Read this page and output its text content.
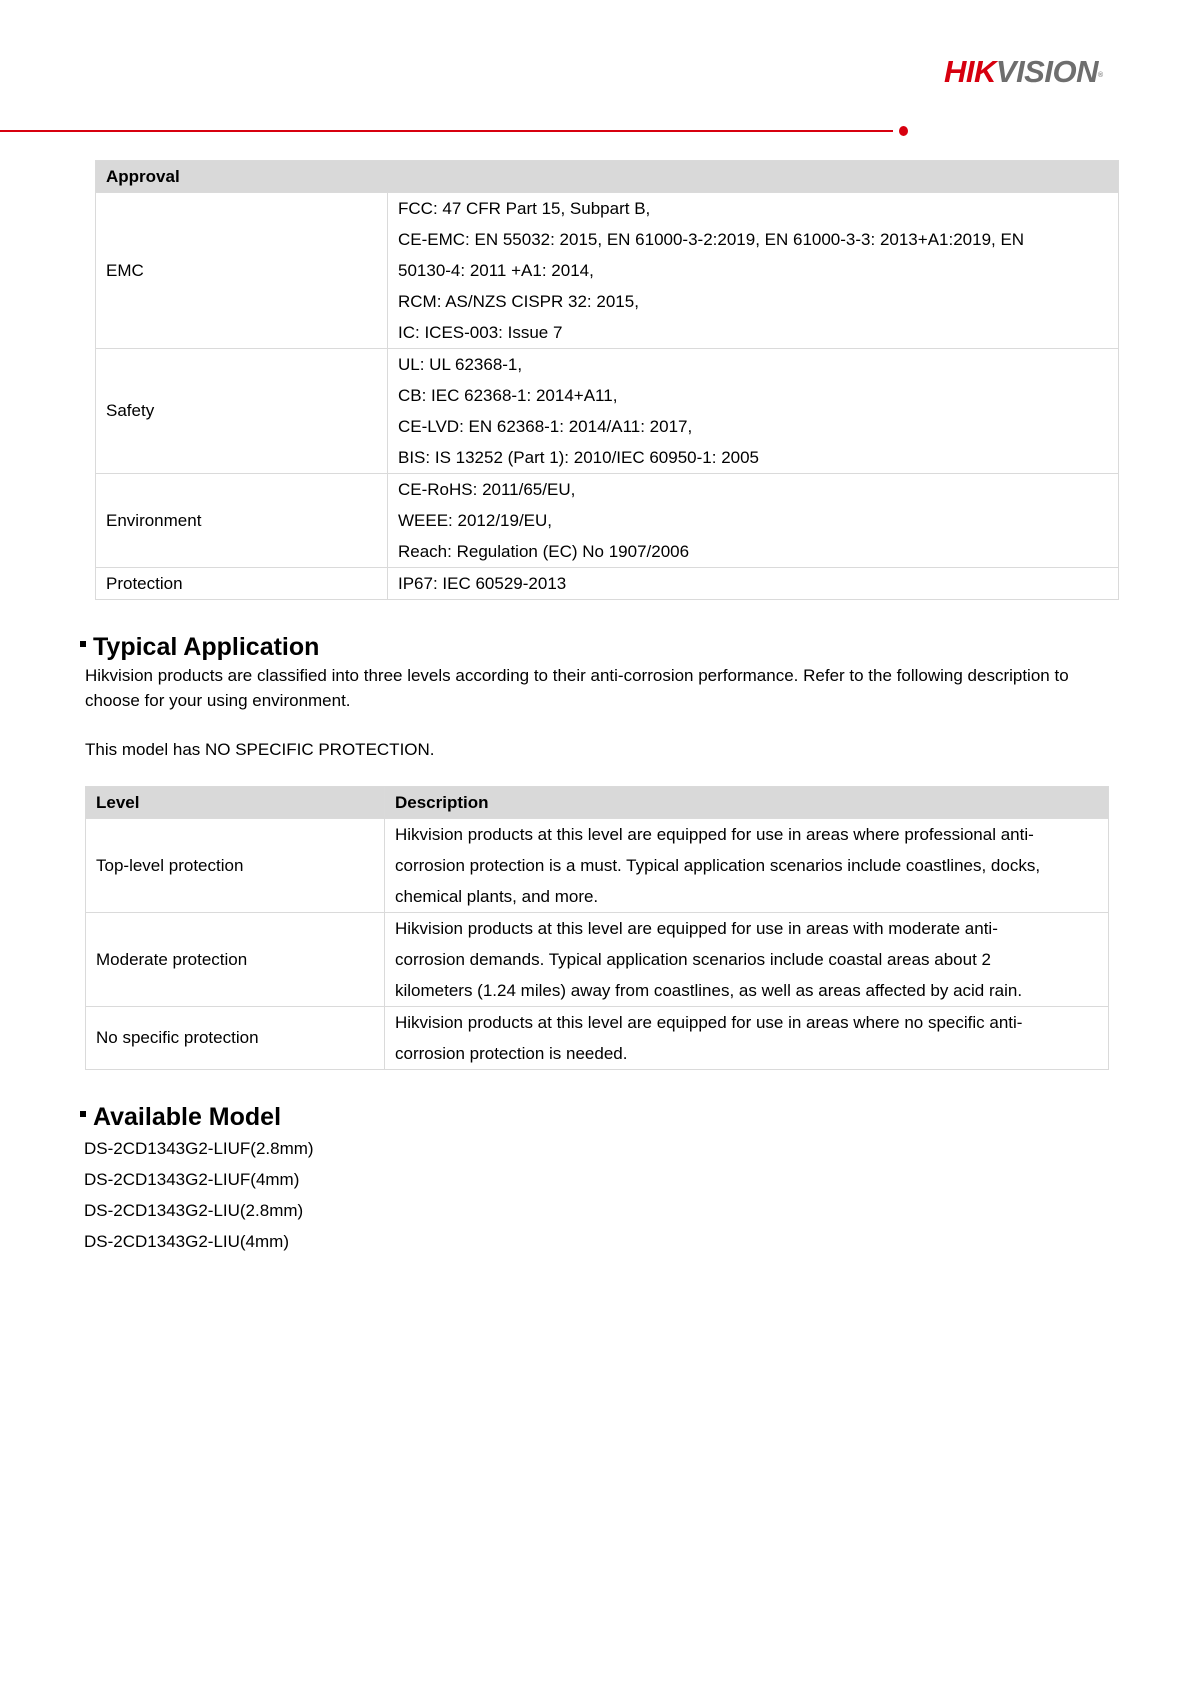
HIKVISION®
Approval	
EMC	FCC: 47 CFR Part 15, Subpart B,
CE-EMC: EN 55032: 2015, EN 61000-3-2:2019, EN 61000-3-3: 2013+A1:2019, EN
50130-4: 2011 +A1: 2014,
RCM: AS/NZS CISPR 32: 2015,
IC: ICES-003: Issue 7

Safety	UL: UL 62368-1,
CB: IEC 62368-1: 2014+A11,
CE-LVD: EN 62368-1: 2014/A11: 2017,
BIS: IS 13252 (Part 1): 2010/IEC 60950-1: 2005

Environment	CE-RoHS: 2011/65/EU,
WEEE: 2012/19/EU,
Reach: Regulation (EC) No 1907/2006

Protection	IP67: IEC 60529-2013
Typical Application
Hikvision products are classified into three levels according to their anti-corrosion performance. Refer to the following description to choose for your using environment.
This model has NO SPECIFIC PROTECTION.
Level	Description
Top-level protection	Hikvision products at this level are equipped for use in areas where professional anti-
corrosion protection is a must. Typical application scenarios include coastlines, docks,
chemical plants, and more.

Moderate protection	Hikvision products at this level are equipped for use in areas with moderate anti-
corrosion demands. Typical application scenarios include coastal areas about 2
kilometers (1.24 miles) away from coastlines, as well as areas affected by acid rain.

No specific protection	Hikvision products at this level are equipped for use in areas where no specific anti-
corrosion protection is needed.
Available Model
DS-2CD1343G2-LIUF(2.8mm)
DS-2CD1343G2-LIUF(4mm)
DS-2CD1343G2-LIU(2.8mm)
DS-2CD1343G2-LIU(4mm)
